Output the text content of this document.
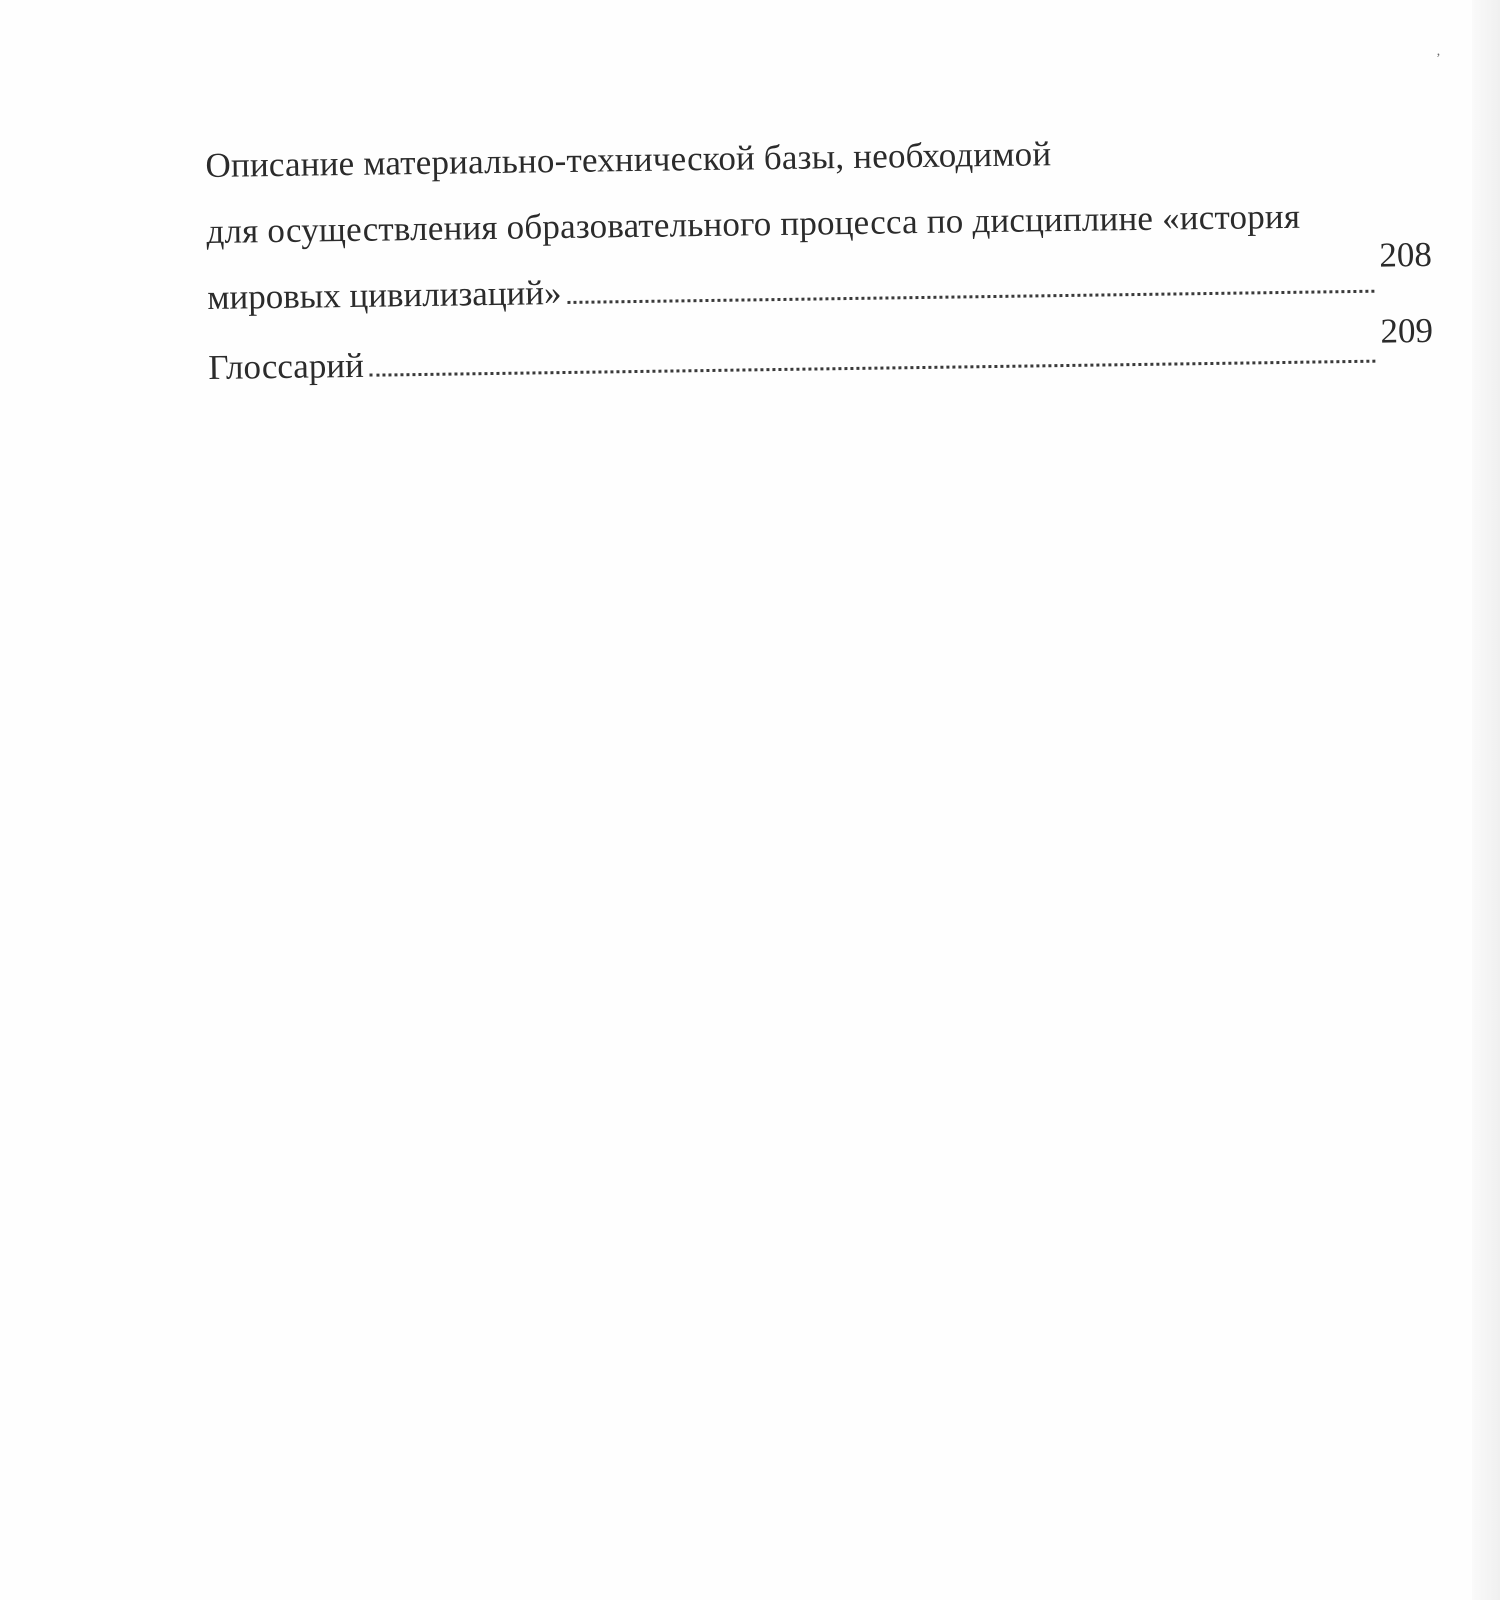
‚
Описание материально-технической базы, необходимой
для осуществления образовательного процесса по дисциплине «история
мировых цивилизаций»
208
Глоссарий
209
